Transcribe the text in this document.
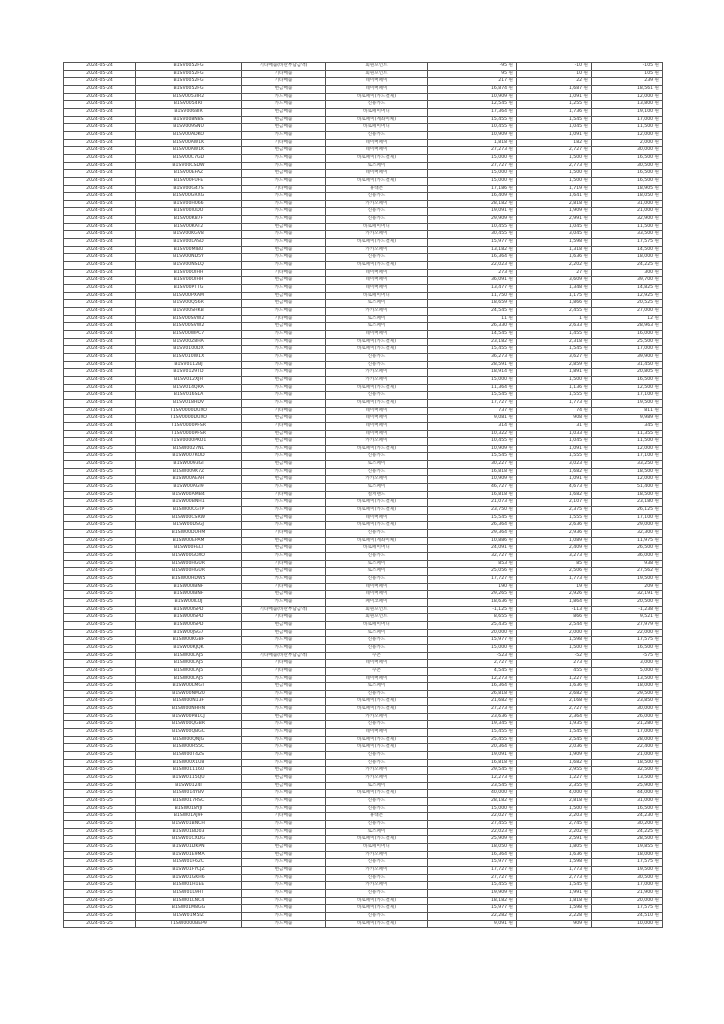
2024-05-24	B1SV0052FG	기타매출(바란부담금액)	회원포인트	-95 원	-10 원	-105 원
2024-05-24	B1SV0052FG	기타매출	회원포인트	95 원	10 원	105 원
2024-05-24	B1SV0052FG	기타매출	네이버페이	217 원	22 원	239 원
2024-05-24	B1SV0052FG	현금매출	네이버페이	16,874 원	1,687 원	18,561 원
2024-05-24	B1SV0053IR2	카드매출	바로페이(카드결제)	10,909 원	1,091 원	12,000 원
2024-05-24	B1SV0054RT	카드매출	신용카드	12,545 원	1,255 원	13,800 원
2024-05-24	B1SV0068IR	현금매출	바로페이머니	17,364 원	1,736 원	19,100 원
2024-05-24	B1SV008N8S	현금매출	바로페이(계좌이체)	15,455 원	1,545 원	17,000 원
2024-05-24	B1SV009SNU	현금매출	바로페이머니	10,455 원	1,045 원	11,500 원
2024-05-24	B1SV00ADKO	카드매출	신용카드	10,909 원	1,091 원	12,000 원
2024-05-24	B1SV00AW1K	기타매출	네이버페이	1,818 원	182 원	2,000 원
2024-05-24	B1SV00AW1K	현금매출	네이버페이	27,273 원	2,727 원	30,000 원
2024-05-24	B1SV00C7GD	카드매출	바로페이(카드결제)	15,000 원	1,500 원	16,500 원
2024-05-24	B1SV00CSDW	카드매출	토스페이	27,727 원	2,773 원	30,500 원
2024-05-24	B1SV00EFAZ	현금매출	네이버페이	15,000 원	1,500 원	16,500 원
2024-05-24	B1SV00FUFE	카드매출	바로페이(카드결제)	15,000 원	1,500 원	16,500 원
2024-05-24	B1SV00G47S	기타매출	휴대폰	17,186 원	1,719 원	18,905 원
2024-05-24	B1SV00GRXG	카드매출	신용카드	16,409 원	1,641 원	18,050 원
2024-05-24	B1SV00H066	카드매출	카카오페이	28,182 원	2,818 원	31,000 원
2024-05-24	B1SV00IUDO	카드매출	신용카드	19,091 원	1,909 원	21,000 원
2024-05-24	B1SV00K87F	카드매출	신용카드	29,909 원	2,991 원	32,900 원
2024-05-24	B1SV00KAT2	현금매출	바로페이머니	10,455 원	1,045 원	11,500 원
2024-05-24	B1SV00KGV8	카드매출	카카오페이	30,455 원	3,045 원	33,500 원
2024-05-24	B1SV00LASD	카드매출	바로페이(카드결제)	15,977 원	1,598 원	17,575 원
2024-05-24	B1SV00MIBU	현금매출	카카오페이	13,182 원	1,318 원	14,500 원
2024-05-24	B1SV00ND5Y	카드매출	신용카드	16,364 원	1,636 원	18,000 원
2024-05-24	B1SV00NSLQ	카드매출	바로페이(카드결제)	22,023 원	2,202 원	24,225 원
2024-05-24	B1SV00OIHH	기타매출	네이버페이	273 원	27 원	300 원
2024-05-24	B1SV00OIHH	현금매출	네이버페이	36,091 원	3,609 원	39,700 원
2024-05-24	B1SV00PTTG	카드매출	네이버페이	13,477 원	1,348 원	14,825 원
2024-05-24	B1SV00PXAM	현금매출	바로페이머니	11,750 원	1,175 원	12,925 원
2024-05-24	B1SV00Q56R	현금매출	토스페이	18,659 원	1,866 원	20,525 원
2024-05-24	B1SV00SHKB	카드매출	카카오페이	24,545 원	2,455 원	27,000 원
2024-05-24	B1SV00SVW2	기타매출	토스페이	11 원	1 원	12 원
2024-05-24	B1SV00SVW2	현금매출	토스페이	26,330 원	2,633 원	28,963 원
2024-05-24	B1SV00WPC7	카드매출	네이버페이	14,545 원	1,455 원	16,000 원
2024-05-24	B1SV00Z8HA	카드매출	바로페이(카드결제)	23,182 원	2,318 원	25,500 원
2024-05-24	B1SV0100DX	카드매출	바로페이(카드결제)	15,455 원	1,545 원	17,000 원
2024-05-24	B1SV010W1X	카드매출	신용카드	36,273 원	3,627 원	39,900 원
2024-05-24	B1SV0112BJ	카드매출	신용카드	28,591 원	2,859 원	31,450 원
2024-05-24	B1SV0129TD	카드매출	카카오페이	18,914 원	1,891 원	20,805 원
2024-05-24	B1SV012XJH	현금매출	카카오페이	15,000 원	1,500 원	16,500 원
2024-05-24	B1SV014QRA	카드매출	바로페이(카드결제)	11,364 원	1,136 원	12,500 원
2024-05-24	B1SV016SLA	카드매출	신용카드	15,545 원	1,555 원	17,100 원
2024-05-24	B1SV018HDV	카드매출	바로페이(카드결제)	17,727 원	1,773 원	19,500 원
2024-05-24	T1SV0000DUXO	기타매출	네이버페이	737 원	74 원	811 원
2024-05-24	T1SV0000DUXO	현금매출	네이버페이	9,081 원	908 원	9,989 원
2024-05-24	T1SV0000PFSR	기타매출	네이버페이	314 원	31 원	345 원
2024-05-24	T1SV0000PFSR	현금매출	네이버페이	10,322 원	1,033 원	11,355 원
2024-05-24	T1SV0000PKO1	현금매출	카카오페이	10,455 원	1,045 원	11,500 원
2024-05-25	B1SW0027NL	카드매출	바로페이(카드결제)	10,909 원	1,091 원	12,000 원
2024-05-25	B1SW007KOD	카드매출	신용카드	15,545 원	1,555 원	17,100 원
2024-05-25	B1SW0093GI	현금매출	토스페이	30,227 원	3,023 원	33,250 원
2024-05-25	B1SW009K7Z	카드매출	신용카드	16,818 원	1,682 원	18,500 원
2024-05-25	B1SW00AEAH	현금매출	카카오페이	10,909 원	1,091 원	12,000 원
2024-05-25	B1SW00AGI9	카드매출	토스페이	46,727 원	4,673 원	51,400 원
2024-05-25	B1SW00AMB4	기타매출	컬쳐랜드	16,818 원	1,682 원	18,500 원
2024-05-25	B1SW00BNH1	카드매출	바로페이(카드결제)	21,073 원	2,107 원	23,180 원
2024-05-25	B1SW00CGTP	카드매출	바로페이(카드결제)	23,750 원	2,375 원	26,125 원
2024-05-25	B1SW00CSRW	현금매출	네이버페이	15,545 원	1,555 원	17,100 원
2024-05-25	B1SW00DSGJ	카드매출	바로페이(카드결제)	26,364 원	2,636 원	29,000 원
2024-05-25	B1SW00DUHM	기타매출	신용카드	29,364 원	2,936 원	32,300 원
2024-05-25	B1SW00EPAM	현금매출	바로페이(계좌이체)	10,886 원	1,089 원	11,975 원
2024-05-25	B1SW00FELI	현금매출	바로페이머니	24,091 원	2,409 원	26,500 원
2024-05-25	B1SW00GOXO	카드매출	신용카드	32,727 원	3,273 원	36,000 원
2024-05-25	B1SW00HGUR	기타매출	토스페이	853 원	85 원	938 원
2024-05-25	B1SW00HGUR	현금매출	토스페이	25,056 원	2,506 원	27,562 원
2024-05-25	B1SW00HDW5	카드매출	신용카드	17,727 원	1,773 원	19,500 원
2024-05-25	B1SW00IBNF	기타매출	네이버페이	190 원	19 원	209 원
2024-05-25	B1SW00IBNF	현금매출	네이버페이	29,265 원	2,926 원	32,191 원
2024-05-25	B1SW00ILOJ	카드매출	페이코페이	18,636 원	1,864 원	20,500 원
2024-05-25	B1SW00ISPD	기타매출(바란부담금액)	회원포인트	-1,125 원	-113 원	-1,238 원
2024-05-25	B1SW00ISPD	기타매출	회원포인트	8,655 원	866 원	9,521 원
2024-05-25	B1SW00ISPD	현금매출	바로페이머니	25,435 원	2,544 원	27,979 원
2024-05-25	B1SW00JSG7	현금매출	토스페이	20,000 원	2,000 원	22,000 원
2024-05-25	B1SW00KGBF	카드매출	신용카드	15,977 원	1,598 원	17,575 원
2024-05-25	B1SW00KJQK	카드매출	신용카드	15,000 원	1,500 원	16,500 원
2024-05-25	B1SW00LAJ5	기타매출(바란부담금액)	쿠폰	-523 원	-52 원	-575 원
2024-05-25	B1SW00LAJ5	기타매출	네이버페이	2,727 원	273 원	3,000 원
2024-05-25	B1SW00LAJ5	기타매출	쿠폰	4,545 원	455 원	5,000 원
2024-05-25	B1SW00LAJ5	카드매출	네이버페이	12,273 원	1,227 원	13,500 원
2024-05-25	B1SW00LMGT	현금매출	토스페이	16,364 원	1,636 원	18,000 원
2024-05-25	B1SW00NM20	카드매출	신용카드	26,818 원	2,682 원	29,500 원
2024-05-25	B1SW00N13F	카드매출	바로페이(카드결제)	21,682 원	2,168 원	23,850 원
2024-05-25	B1SW00NHHN	카드매출	바로페이(카드결제)	27,273 원	2,727 원	30,000 원
2024-05-25	B1SW00P81CJ	현금매출	카카오페이	23,636 원	2,364 원	26,000 원
2024-05-25	B1SW00QGBR	카드매출	신용카드	19,345 원	1,935 원	21,280 원
2024-05-25	B1SW00QBGC	카드매출	네이버페이	15,455 원	1,545 원	17,000 원
2024-05-25	B1SW00QNJG	카드매출	바로페이(카드결제)	25,455 원	2,545 원	28,000 원
2024-05-25	B1SW00R55C	카드매출	바로페이(카드결제)	20,364 원	2,036 원	22,400 원
2024-05-25	B1SW00T4ZS	카드매출	신용카드	19,091 원	1,909 원	21,000 원
2024-05-25	B1SW00X1U8	카드매출	신용카드	16,818 원	1,682 원	18,500 원
2024-05-25	B1SW01116U	현금매출	카카오페이	29,545 원	2,955 원	32,500 원
2024-05-25	B1SW0115QU	현금매출	카카오페이	12,273 원	1,227 원	13,500 원
2024-05-25	B1SW0124I	현금매출	토스페이	23,545 원	2,355 원	25,900 원
2024-05-25	B1SW014YBV	카드매출	바로페이(카드결제)	40,000 원	4,000 원	44,000 원
2024-05-25	B1SW017RSC	카드매출	신용카드	28,182 원	2,818 원	31,000 원
2024-05-25	B1SW018YJI	카드매출	신용카드	15,000 원	1,500 원	16,500 원
2024-05-25	B1SW01AJ9F	기타매출	휴대폰	22,027 원	2,203 원	24,230 원
2024-05-25	B1SW01BNCH	카드매출	신용카드	27,455 원	2,745 원	30,200 원
2024-05-25	B1SW01BD03	카드매출	토스페이	22,023 원	2,202 원	24,225 원
2024-05-25	B1SW01CXDG	카드매출	바로페이(카드결제)	25,909 원	2,591 원	28,500 원
2024-05-25	B1SW01DKPN	현금매출	바로페이머니	18,050 원	1,805 원	19,855 원
2024-05-25	B1SW01E9MA	현금매출	카카오페이	16,364 원	1,636 원	18,000 원
2024-05-25	B1SW01F62C	카드매출	신용카드	15,977 원	1,598 원	17,575 원
2024-05-25	B1SW01FYCJZ	현금매출	카카오페이	17,727 원	1,773 원	19,500 원
2024-05-25	B1SW01GKH6	카드매출	신용카드	27,727 원	2,773 원	30,500 원
2024-05-25	B1SW01H1EE	카드매출	카카오페이	15,455 원	1,545 원	17,000 원
2024-05-25	B1SW01L9HT	카드매출	신용카드	19,909 원	1,991 원	21,900 원
2024-05-25	B1SW01LNC4	카드매출	바로페이(카드결제)	18,182 원	1,818 원	20,000 원
2024-05-25	B1SW01M8GG	카드매출	바로페이(카드결제)	15,977 원	1,598 원	17,575 원
2024-05-25	B1SW01M5IZ	카드매출	신용카드	22,282 원	2,228 원	24,510 원
2024-05-25	T1SW0000BEP9	카드매출	바로페이(카드결제)	9,091 원	909 원	10,000 원
